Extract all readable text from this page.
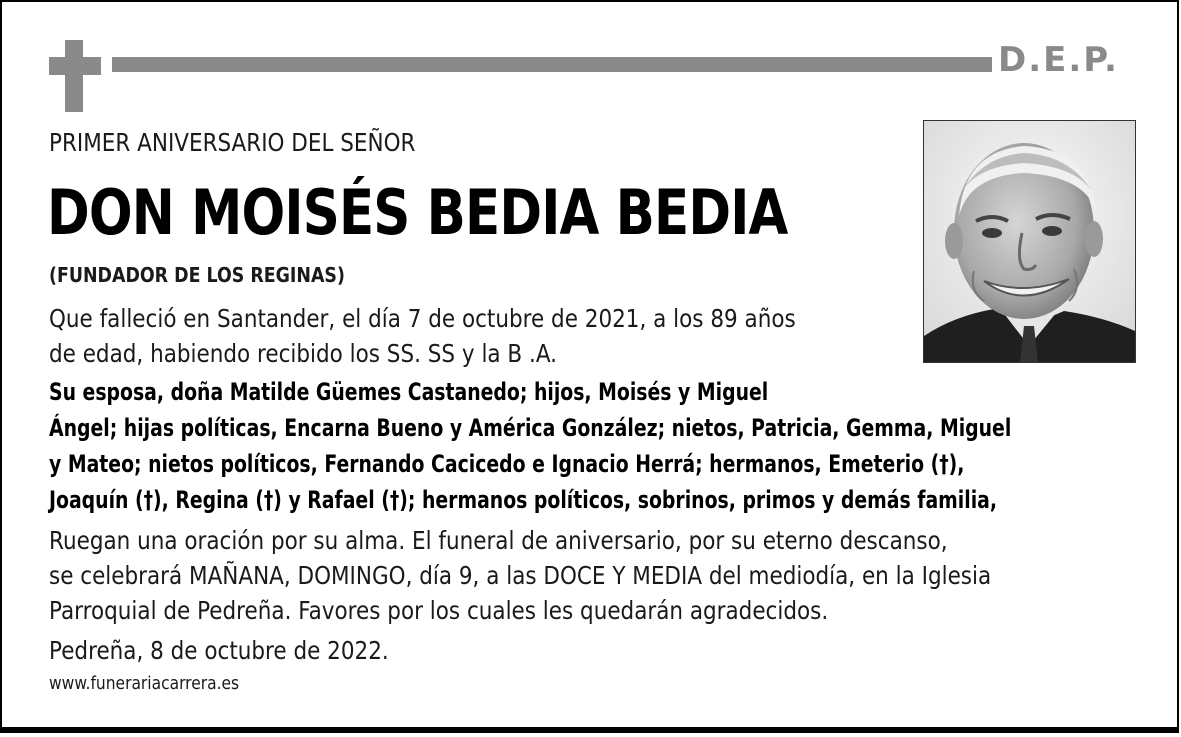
D.E.P.
PRIMER ANIVERSARIO DEL SEÑOR
DON MOISÉS BEDIA BEDIA
(FUNDADOR DE LOS REGINAS)
Que falleció en Santander, el día 7 de octubre de 2021, a los 89 años
de edad, habiendo recibido los SS. SS y la B .A.
Su esposa, doña Matilde Güemes Castanedo; hijos, Moisés y Miguel
Ángel; hijas políticas, Encarna Bueno y América González; nietos, Patricia, Gemma, Miguel
y Mateo; nietos políticos, Fernando Cacicedo e Ignacio Herrá; hermanos, Emeterio (†),
Joaquín (†), Regina (†) y Rafael (†); hermanos políticos, sobrinos, primos y demás familia,
Ruegan una oración por su alma. El funeral de aniversario, por su eterno descanso,
se celebrará MAÑANA, DOMINGO, día 9, a las DOCE Y MEDIA del mediodía, en la Iglesia
Parroquial de Pedreña. Favores por los cuales les quedarán agradecidos.
Pedreña, 8 de octubre de 2022.
www.funerariacarrera.es
